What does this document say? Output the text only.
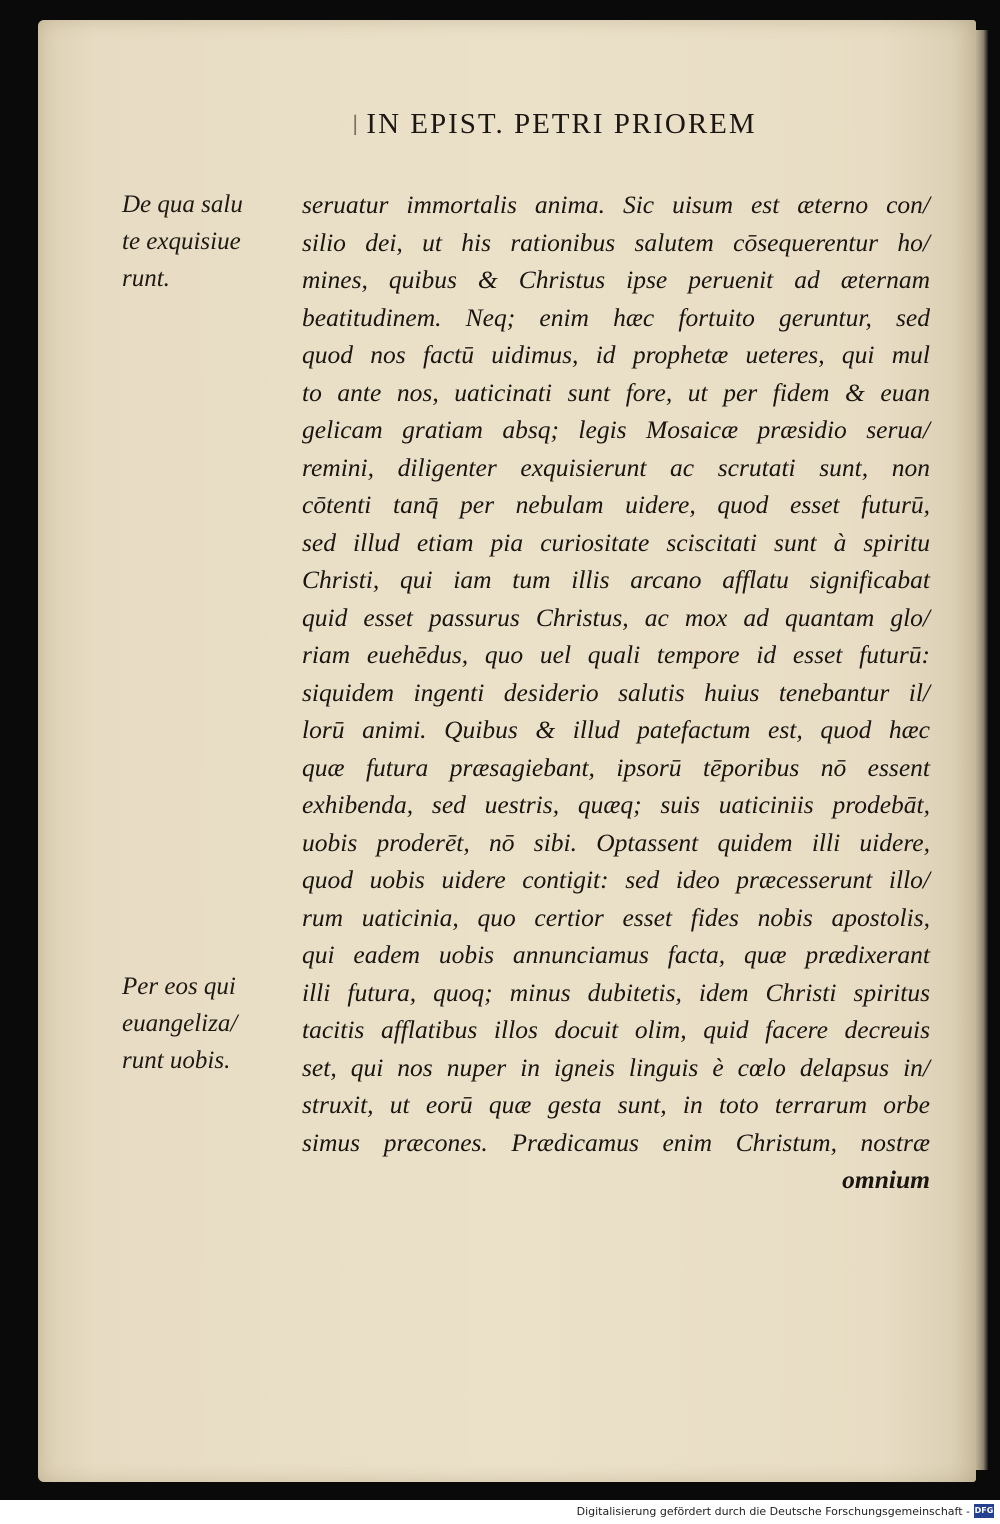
∣ IN EPIST. PETRI PRIOREM
De qua salu
te exquisiue
runt.
Per eos qui
euangeliza/
runt uobis.
seruatur immortalis anima. Sic uisum est æterno con/
silio dei, ut his rationibus salutem cōsequerentur ho/
mines, quibus & Christus ipse peruenit ad æternam
beatitudinem. Neq; enim hæc fortuito geruntur, sed
quod nos factū uidimus, id prophetæ ueteres, qui mul
to ante nos, uaticinati sunt fore, ut per fidem & euan
gelicam gratiam absq; legis Mosaicæ præsidio serua/
remini, diligenter exquisierunt ac scrutati sunt, non
cōtenti tanq̄ per nebulam uidere, quod esset futurū,
sed illud etiam pia curiositate sciscitati sunt à spiritu
Christi, qui iam tum illis arcano afflatu significabat
quid esset passurus Christus, ac mox ad quantam glo/
riam euehēdus, quo uel quali tempore id esset futurū:
siquidem ingenti desiderio salutis huius tenebantur il/
lorū animi. Quibus & illud patefactum est, quod hæc
quæ futura præsagiebant, ipsorū tēporibus nō essent
exhibenda, sed uestris, quæq; suis uaticiniis prodebāt,
uobis proderēt, nō sibi. Optassent quidem illi uidere,
quod uobis uidere contigit: sed ideo præcesserunt illo/
rum uaticinia, quo certior esset fides nobis apostolis,
qui eadem uobis annunciamus facta, quæ prædixerant
illi futura, quoq; minus dubitetis, idem Christi spiritus
tacitis afflatibus illos docuit olim, quid facere decreuis
set, qui nos nuper in igneis linguis è cœlo delapsus in/
struxit, ut eorū quæ gesta sunt, in toto terrarum orbe
simus præcones. Prædicamus enim Christum, nostræ
omnium
Digitalisierung gefördert durch die Deutsche Forschungsgemeinschaft - DFG
